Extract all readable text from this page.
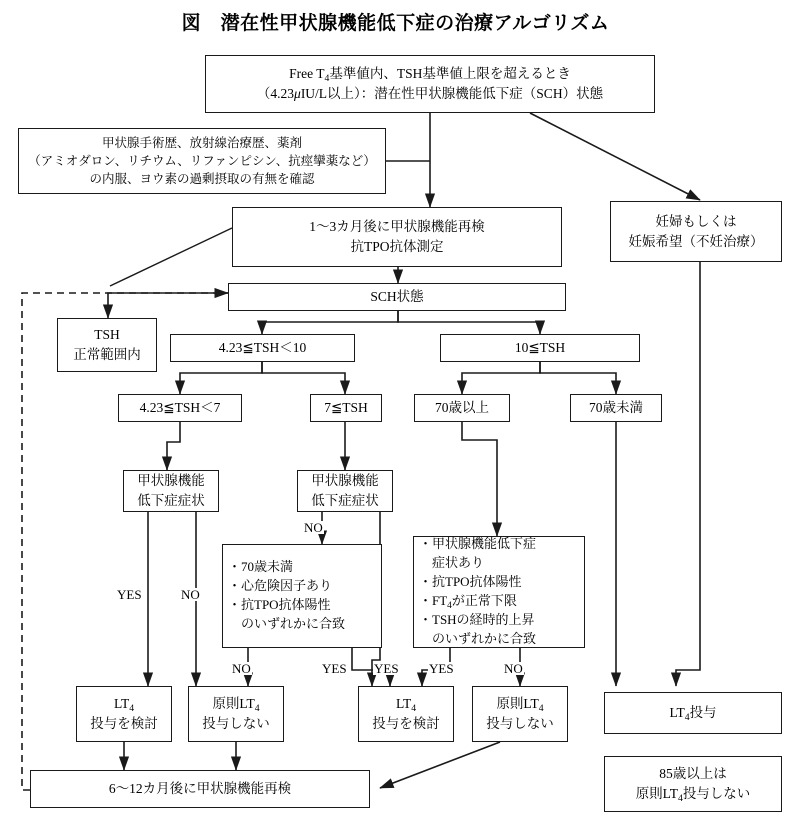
図　潜在性甲状腺機能低下症の治療アルゴリズム
Free $T_4$基準値内、TSH基準値上限を超えるとき
（4.23μIU/L以上）：潜在性甲状腺機能低下症（SCH）状態
甲状腺手術歴、放射線治療歴、薬剤
（アミオダロン、リチウム、リファンピシン、抗痙攣薬など）
の内服、ヨウ素の過剰摂取の有無を確認
1〜3カ月後に甲状腺機能再検
抗TPO抗体測定
妊婦もしくは
妊娠希望（不妊治療）
SCH状態
TSH
正常範囲内	4.23≦TSH＜10	10≦TSH
4.23≦TSH＜7	7≦TSH	70歳以上	70歳未満
甲状腺機能
低下症症状
甲状腺機能
低下症症状
・70歳未満
・心危険因子あり
・抗TPO抗体陽性
　のいずれかに合致
・甲状腺機能低下症
　症状あり
・抗TPO抗体陽性
・$FT_4$が正常下限
・TSHの経時的上昇
　のいずれかに合致
$LT_4$
投与を検討
原則$LT_4$
投与しない
$LT_4$
投与を検討
原則$LT_4$
投与しない
$LT_4$投与
6〜12カ月後に甲状腺機能再検
85歳以上は
原則$LT_4$投与しない
NO
YES	NO
NO	YES YES YES	NO
